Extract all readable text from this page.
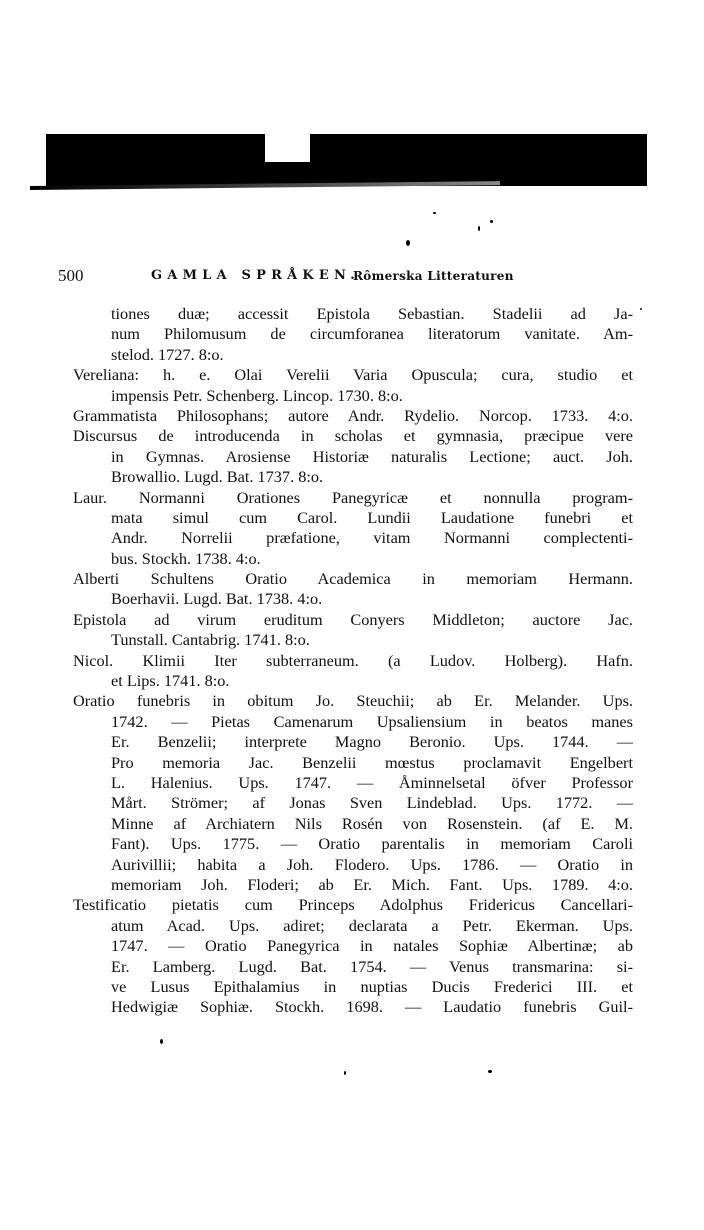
500	GAMLA SPRÅKEN.
Rômerska Litteraturen
tiones duæ; accessit Epistola Sebastian. Stadelii ad Ja-
num Philomusum de circumforanea literatorum vanitate. Am-
stelod. 1727. 8:o.
Vereliana: h. e. Olai Verelii Varia Opuscula; cura, studio et
impensis Petr. Schenberg. Lincop. 1730. 8:o.
Grammatista Philosophans; autore Andr. Rydelio. Norcop. 1733. 4:o.
Discursus de introducenda in scholas et gymnasia, præcipue vere
in Gymnas. Arosiense Historiæ naturalis Lectione; auct. Joh.
Browallio. Lugd. Bat. 1737. 8:o.
Laur. Normanni Orationes Panegyricæ et nonnulla program-
mata simul cum Carol. Lundii Laudatione funebri et
Andr. Norrelii præfatione, vitam Normanni complectenti-
bus. Stockh. 1738. 4:o.
Alberti Schultens Oratio Academica in memoriam Hermann.
Boerhavii. Lugd. Bat. 1738. 4:o.
Epistola ad virum eruditum Conyers Middleton; auctore Jac.
Tunstall. Cantabrig. 1741. 8:o.
Nicol. Klimii Iter subterraneum. (a Ludov. Holberg). Hafn.
et Lips. 1741. 8:o.
Oratio funebris in obitum Jo. Steuchii; ab Er. Melander. Ups.
1742. — Pietas Camenarum Upsaliensium in beatos manes
Er. Benzelii; interprete Magno Beronio. Ups. 1744. —
Pro memoria Jac. Benzelii mœstus proclamavit Engelbert
L. Halenius. Ups. 1747. — Åminnelsetal öfver Professor
Mårt. Strömer; af Jonas Sven Lindeblad. Ups. 1772. —
Minne af Archiatern Nils Rosén von Rosenstein. (af E. M.
Fant). Ups. 1775. — Oratio parentalis in memoriam Caroli
Aurivillii; habita a Joh. Flodero. Ups. 1786. — Oratio in
memoriam Joh. Floderi; ab Er. Mich. Fant. Ups. 1789. 4:o.
Testificatio pietatis cum Princeps Adolphus Fridericus Cancellari-
atum Acad. Ups. adiret; declarata a Petr. Ekerman. Ups.
1747. — Oratio Panegyrica in natales Sophiæ Albertinæ; ab
Er. Lamberg. Lugd. Bat. 1754. — Venus transmarina: si-
ve Lusus Epithalamius in nuptias Ducis Frederici III. et
Hedwigiæ Sophiæ. Stockh. 1698. — Laudatio funebris Guil-
